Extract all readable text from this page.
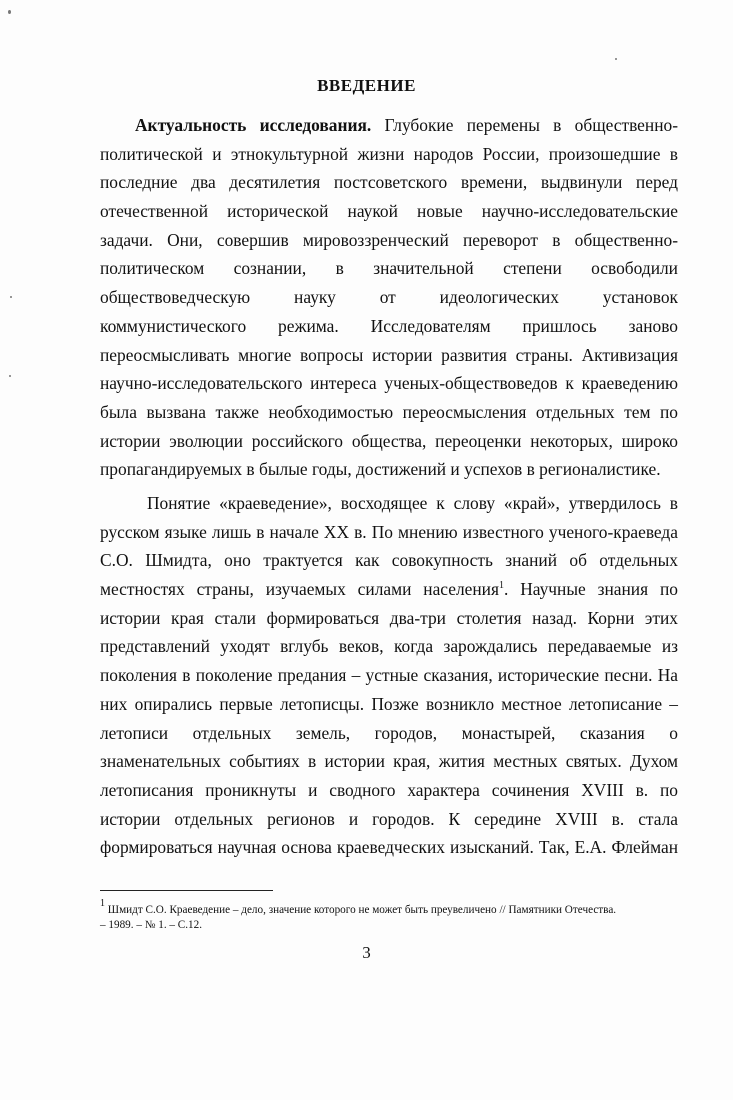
ВВЕДЕНИЕ
Актуальность исследования. Глубокие перемены в общественно-
политической и этнокультурной жизни народов России, произошедшие в
последние два десятилетия постсоветского времени, выдвинули перед
отечественной исторической наукой новые научно-исследовательские
задачи. Они, совершив мировоззренческий переворот в общественно-
политическом сознании, в значительной степени освободили
обществоведческую науку от идеологических установок
коммунистического режима. Исследователям пришлось заново
переосмысливать многие вопросы истории развития страны. Активизация
научно-исследовательского интереса ученых-обществоведов к краеведению
была вызвана также необходимостью переосмысления отдельных тем по
истории эволюции российского общества, переоценки некоторых, широко
пропагандируемых в былые годы, достижений и успехов в регионалистике.
Понятие «краеведение», восходящее к слову «край», утвердилось в
русском языке лишь в начале XX в. По мнению известного ученого-краеведа
С.О. Шмидта, оно трактуется как совокупность знаний об отдельных
местностях страны, изучаемых силами населения$^1$. Научные знания по
истории края стали формироваться два-три столетия назад. Корни этих
представлений уходят вглубь веков, когда зарождались передаваемые из
поколения в поколение предания – устные сказания, исторические песни. На
них опирались первые летописцы. Позже возникло местное летописание –
летописи отдельных земель, городов, монастырей, сказания о
знаменательных событиях в истории края, жития местных святых. Духом
летописания проникнуты и сводного характера сочинения XVIII в. по
истории отдельных регионов и городов. К середине XVIII в. стала
формироваться научная основа краеведческих изысканий. Так, Е.А. Флейман
$^1$ Шмидт С.О. Краеведение – дело, значение которого не может быть преувеличено // Памятники Отечества.
– 1989. – № 1. – С.12.
3
